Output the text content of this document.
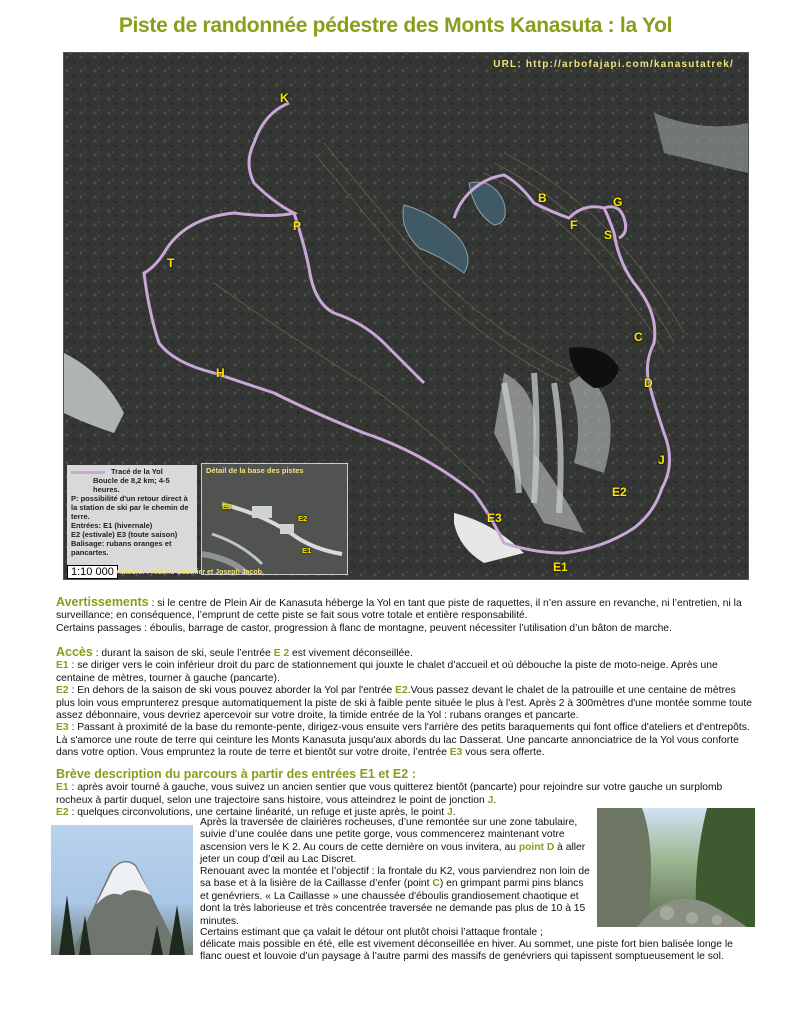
Piste de randonnée pédestre des Monts Kanasuta : la Yol
URL: http://arbofajapi.com/kanasutatrek/
K
P
T
H
B	G
F
S
C
D
J
E2
E3
E1
Tracé de la Yol
Boucle de 8,2 km; 4-5 heures.
P: possibilité d'un retour direct à la station de ski par le chemin de terre.
Entrées: E1 (hivernale)
E2 (estivale) E3 (toute saison)
Balisage: rubans oranges et pancartes.
1:10 000
Détail de la base des pistes
E3
E2
E1
Auteurs: Frédéric Gauthier et Joseph Jacob.
Avertissements : si le centre de Plein Air de Kanasuta héberge la Yol en tant que piste de raquettes, il n’en assure en revanche, ni l’entretien, ni la surveillance; en conséquence, l’emprunt de cette piste se fait sous votre totale et entière responsabilité.
Certains passages : éboulis, barrage de castor, progression à flanc de montagne, peuvent nécessiter l’utilisation d’un bâton de marche.
Accès : durant la saison de ski, seule l’entrée E 2 est vivement déconseillée.
E1 : se diriger vers le coin inférieur droit du parc de stationnement qui jouxte le chalet d’accueil et où débouche la piste de moto-neige. Après une centaine de mètres, tourner à gauche (pancarte).
E2 : En dehors de la saison de ski vous pouvez aborder la Yol par l'entrée E2.Vous passez devant le chalet de la patrouille et une centaine de mètres plus loin vous emprunterez presque automatiquement la piste de ski à faible pente située le plus à l'est. Après 2 à 300mètres d'une montée somme toute assez débonnaire, vous devriez apercevoir sur votre droite, la timide entrée de la Yol : rubans oranges et pancarte.
E3 : Passant à proximité de la base du remonte-pente, dirigez-vous ensuite vers l'arrière des petits baraquements qui font office d'ateliers et d'entrepôts. Là s'amorce une route de terre qui ceinture les Monts Kanasuta jusqu'aux abords du lac Dasserat. Une pancarte annonciatrice de la Yol vous conforte dans votre option. Vous empruntez la route de terre et bientôt sur votre droite, l’entrée E3 vous sera offerte.
Brève description du parcours à partir des entrées E1 et E2 :
E1 : après avoir tourné à gauche, vous suivez un ancien sentier que vous quitterez bientôt (pancarte) pour rejoindre sur votre gauche un surplomb rocheux à partir duquel, selon une trajectoire sans histoire, vous atteindrez le point de jonction J.
E2 : quelques circonvolutions, une certaine linéarité, un refuge et juste après, le point J.
Après la traversée de clairières rocheuses, d’une remontée sur une zone tabulaire, suivie d’une coulée dans une petite gorge, vous commencerez maintenant votre ascension vers le K 2. Au cours de cette dernière on vous invitera, au point D à aller jeter un coup d’œil au Lac Discret.
Renouant avec la montée et l’objectif : la frontale du K2, vous parviendrez non loin de sa base et à la lisière de la Caillasse d’enfer (point C) en grimpant parmi pins blancs et genévriers. « La Caillasse » une chaussée d'éboulis grandiosement chaotique et dont la très laborieuse et très concentrée traversée ne demande pas plus de 10 à 15 minutes.
Certains estimant que ça valait le détour ont plutôt choisi l’attaque frontale ;
délicate mais possible en été, elle est vivement déconseillée en hiver. Au sommet, une piste fort bien balisée longe le flanc ouest et louvoie d’un paysage à l’autre parmi des massifs de genévriers qui tapissent somptueusement le sol.
